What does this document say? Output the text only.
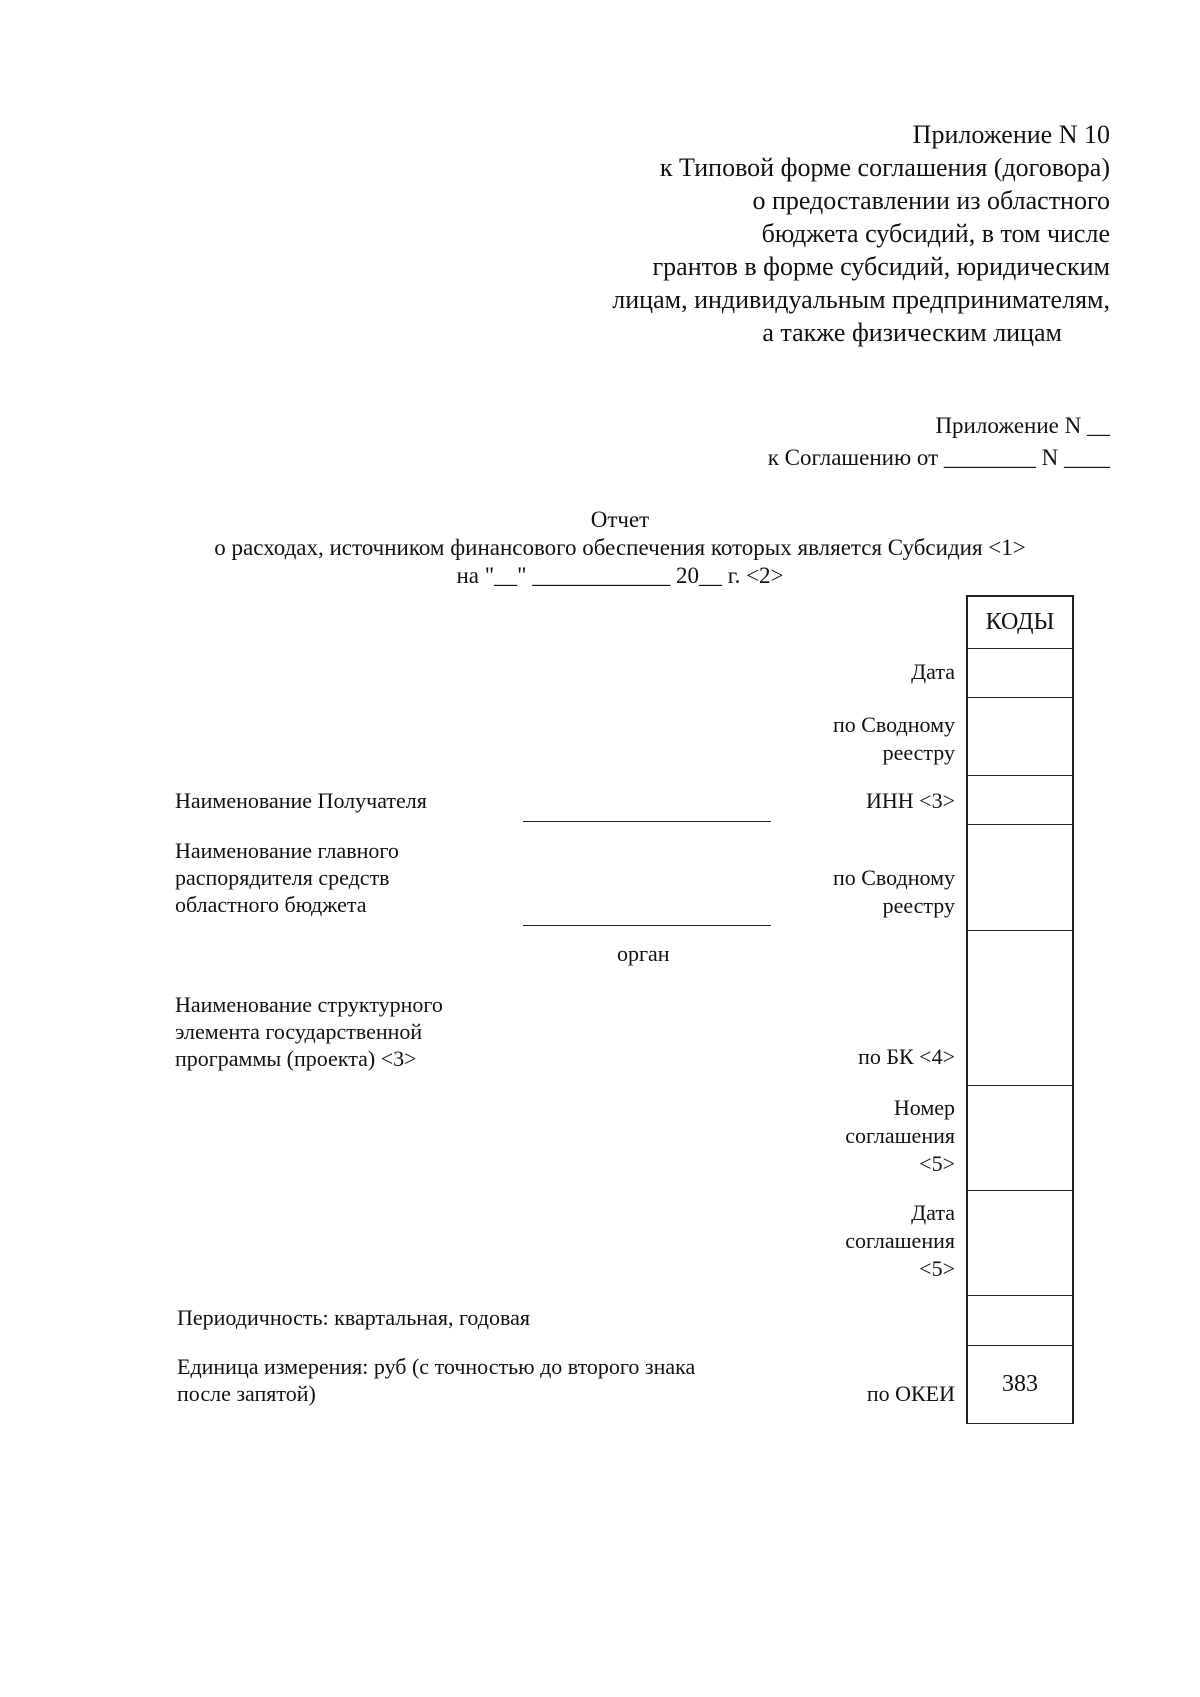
Приложение N 10
к Типовой форме соглашения (договора)
о предоставлении из областного
бюджета субсидий, в том числе
грантов в форме субсидий, юридическим
лицам, индивидуальным предпринимателям,
а также физическим лицам
Приложение N __
к Соглашению от ________ N ____
Отчет
о расходах, источником финансового обеспечения которых является Субсидия <1>
на "__" ____________ 20__ г. <2>
КОДЫ
383
Дата
по Сводному
реестру
ИНН <3>
по Сводному
реестру
по БК <4>
Номер
соглашения
<5>
Дата
соглашения
<5>
по ОКЕИ
Наименование Получателя
Наименование главного
распорядителя средств
областного бюджета
орган
Наименование структурного
элемента государственной
программы (проекта) <3>
Периодичность: квартальная, годовая
Единица измерения: руб (с точностью до второго знака
после запятой)
